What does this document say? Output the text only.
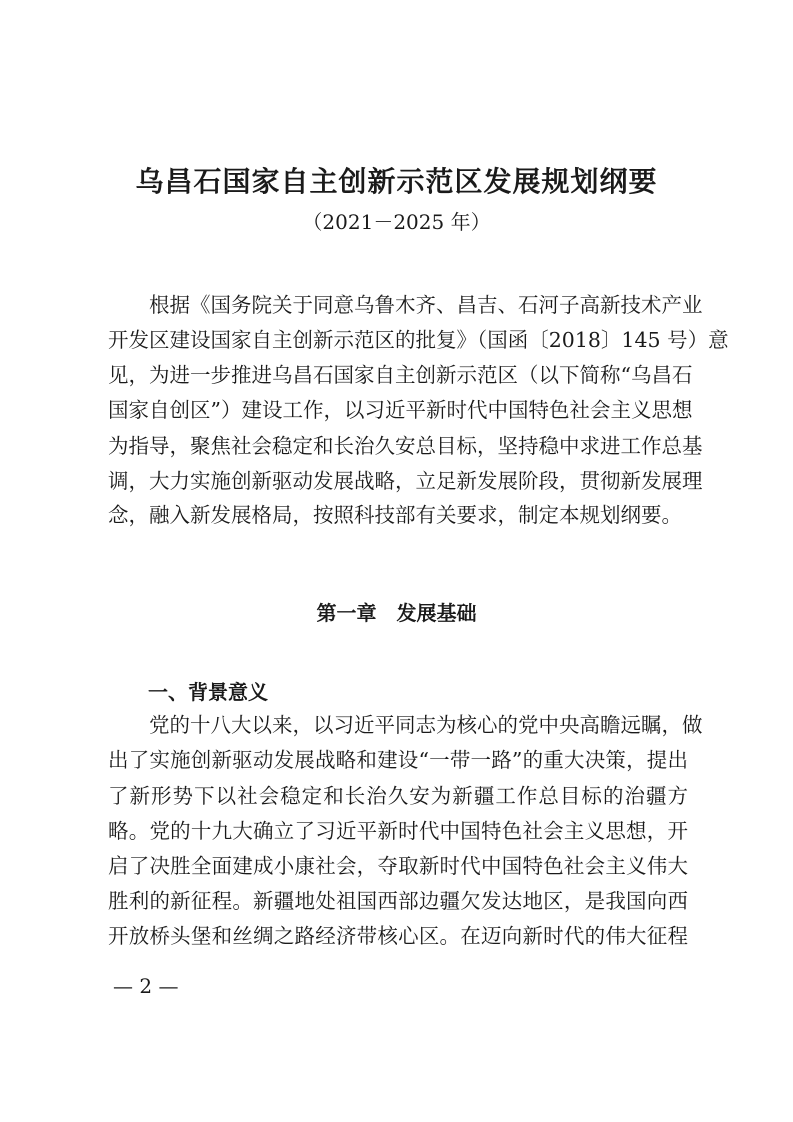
乌昌石国家自主创新示范区发展规划纲要
（2021－2025 年）
　　根据《国务院关于同意乌鲁木齐、昌吉、石河子高新技术产业
开发区建设国家自主创新示范区的批复》（国函〔2018〕145 号）意
见，为进一步推进乌昌石国家自主创新示范区（以下简称“乌昌石
国家自创区”）建设工作，以习近平新时代中国特色社会主义思想
为指导，聚焦社会稳定和长治久安总目标，坚持稳中求进工作总基
调，大力实施创新驱动发展战略，立足新发展阶段，贯彻新发展理
念，融入新发展格局，按照科技部有关要求，制定本规划纲要。
第一章　发展基础
一、背景意义
　　党的十八大以来，以习近平同志为核心的党中央高瞻远瞩，做
出了实施创新驱动发展战略和建设“一带一路”的重大决策，提出
了新形势下以社会稳定和长治久安为新疆工作总目标的治疆方
略。党的十九大确立了习近平新时代中国特色社会主义思想，开
启了决胜全面建成小康社会，夺取新时代中国特色社会主义伟大
胜利的新征程。新疆地处祖国西部边疆欠发达地区，是我国向西
开放桥头堡和丝绸之路经济带核心区。在迈向新时代的伟大征程
— 2 —
